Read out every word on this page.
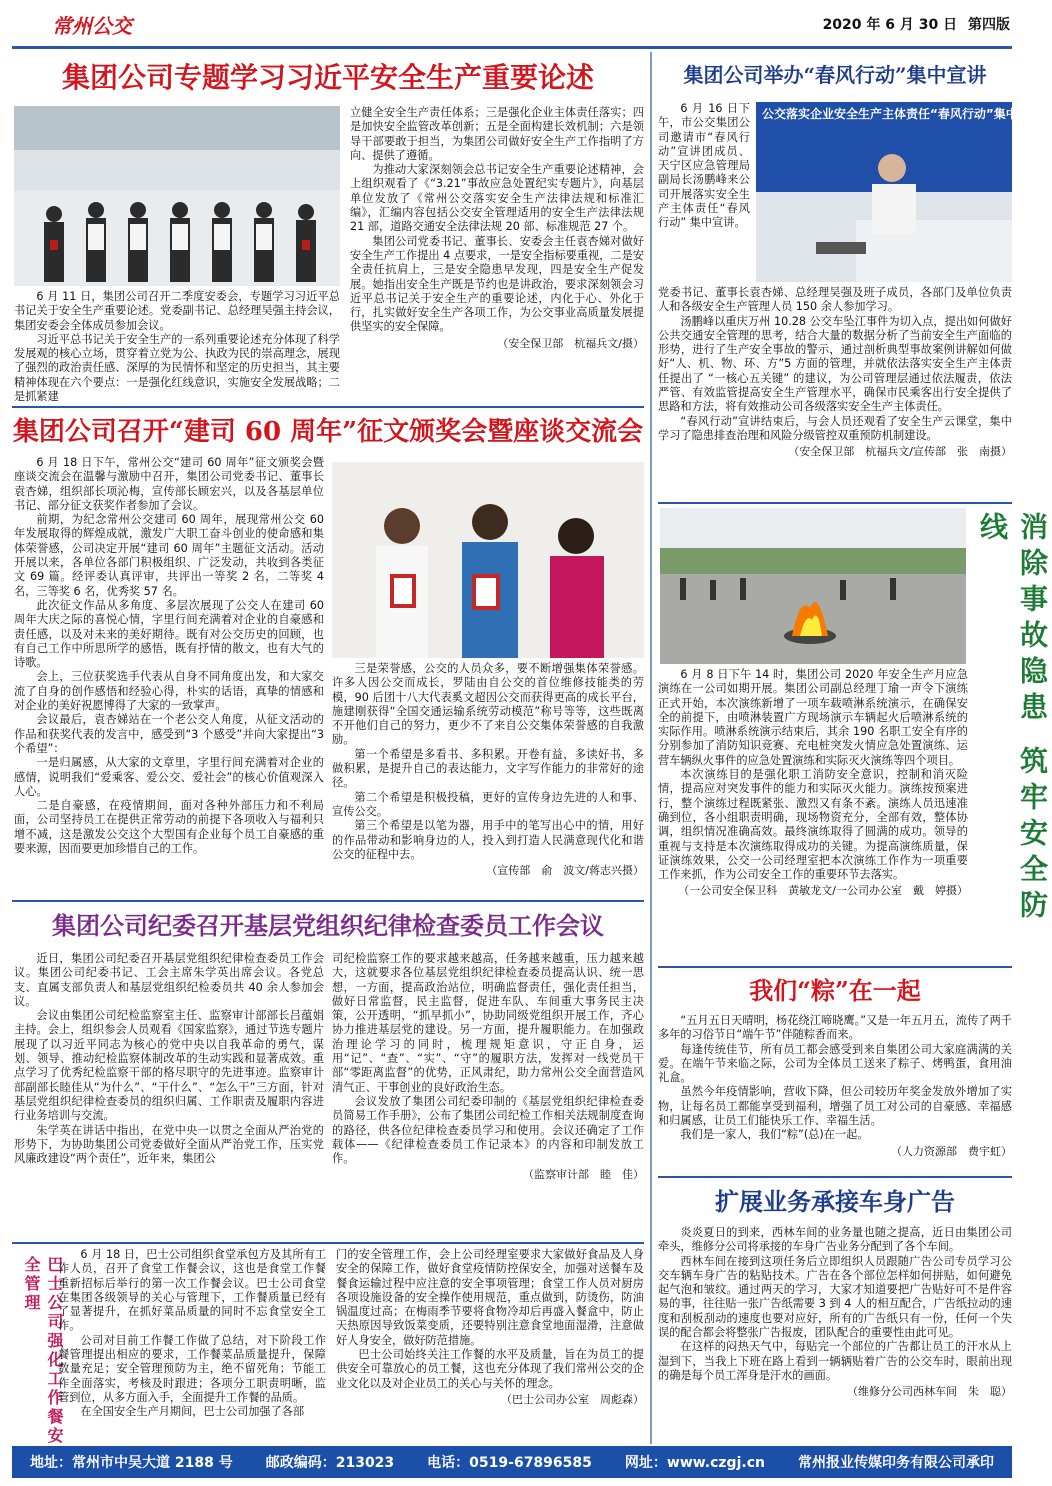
常州公交	2020 年 6 月 30 日 第四版
集团公司专题学习习近平安全生产重要论述

6 月 11 日，集团公司召开二季度安委会，专题学习习近平总书记关于安全生产重要论述。党委副书记、总经理吴强主持会议，集团安委会全体成员参加会议。

习近平总书记关于安全生产的一系列重要论述充分体现了科学发展观的核心立场，贯穿着立党为公、执政为民的崇高理念，展现了强烈的政治责任感、深厚的为民情怀和坚定的历史担当，其主要精神体现在六个要点：一是强化红线意识，实施安全发展战略；二是抓紧建

立健全安全生产责任体系；三是强化企业主体责任落实；四是加快安全监管改革创新；五是全面构建长效机制；六是领导干部要敢于担当，为集团公司做好安全生产工作指明了方向、提供了遵循。

为推动大家深刻领会总书记安全生产重要论述精神，会上组织观看了《“3.21”事故应急处置纪实专题片》，向基层单位发放了《常州公交落实安全生产法律法规和标准汇编》，汇编内容包括公交安全管理适用的安全生产法律法规 21 部，道路交通安全法律法规 20 部、标准规范 27 个。

集团公司党委书记、董事长、安委会主任袁杏娣对做好安全生产工作提出 4 点要求，一是安全指标要重视，二是安全责任抗肩上，三是安全隐患早发现，四是安全生产促发展。她指出安全生产既是节约也是讲政治，要求深刻领会习近平总书记关于安全生产的重要论述，内化于心、外化于行，扎实做好安全生产各项工作，为公交事业高质量发展提供坚实的安全保障。

（安全保卫部　杭福兵文/摄）
集团公司召开“建司 60 周年”征文颁奖会暨座谈交流会

6 月 18 日下午，常州公交“建司 60 周年”征文颁奖会暨座谈交流会在温馨与激励中召开，集团公司党委书记、董事长袁杏娣，组织部长项沁梅，宣传部长顾宏兴，以及各基层单位书记、部分征文获奖作者参加了会议。

前期，为纪念常州公交建司 60 周年，展现常州公交 60 年发展取得的辉煌成就，激发广大职工奋斗创业的使命感和集体荣誉感，公司决定开展“建司 60 周年”主题征文活动。活动开展以来，各单位各部门积极组织、广泛发动，共收到各类征文 69 篇。经评委认真评审，共评出一等奖 2 名，二等奖 4 名，三等奖 6 名，优秀奖 57 名。

此次征文作品从多角度、多层次展现了公交人在建司 60 周年大庆之际的喜悦心情，字里行间充满着对企业的自豪感和责任感，以及对未来的美好期待。既有对公交历史的回顾，也有自己工作中所思所学的感悟，既有抒情的散文，也有大气的诗歌。

会上，三位获奖选手代表从自身不同角度出发，和大家交流了自身的创作感悟和经验心得，朴实的话语，真挚的情感和对企业的美好祝愿博得了大家的一致掌声。

会议最后，袁杏娣站在一个老公交人角度，从征文活动的作品和获奖代表的发言中，感受到“3 个感受”并向大家提出“3 个希望”：

一是归属感，从大家的文章里，字里行间充满着对企业的感情，说明我们“爱乘客、爱公交、爱社会”的核心价值观深入人心。

二是自豪感，在疫情期间，面对各种外部压力和不利局面，公司坚持员工在提供正常劳动的前提下各项收入与福利只增不减，这是激发公交这个大型国有企业每个员工自豪感的重要来源，因而要更加珍惜自己的工作。

三是荣誉感，公交的人员众多，要不断增强集体荣誉感。许多人因公交而成长，罗陆由自公交的首位维修技能类的劳模，90 后团十八大代表奚文超因公交而获得更高的成长平台，施建刚获得“全国交通运输系统劳动模范”称号等等，这些既离不开他们自己的努力，更少不了来自公交集体荣誉感的自我激励。

第一个希望是多看书、多积累。开卷有益，多读好书，多做积累，是提升自己的表达能力，文字写作能力的非常好的途径。

第二个希望是积极投稿，更好的宣传身边先进的人和事、宣传公交。

第三个希望是以笔为器，用手中的笔写出心中的情，用好的作品带动和影响身边的人，投入到打造人民满意现代化和谐公交的征程中去。

（宣传部　俞　波文/蒋志兴摄）
集团公司纪委召开基层党组织纪律检查委员工作会议

近日，集团公司纪委召开基层党组织纪律检查委员工作会议。集团公司纪委书记、工会主席朱学英出席会议。各党总支、直属支部负责人和基层党组织纪检委员共 40 余人参加会议。

会议由集团公司纪检监察室主任、监察审计部部长吕蕴娟主持。会上，组织参会人员观看《国家监察》，通过节选专题片展现了以习近平同志为核心的党中央以自我革命的勇气，谋划、领导、推动纪检监察体制改革的生动实践和显著成效。重点学习了优秀纪检监察干部的格尽职守的先进事迹。监察审计部副部长睦佳从“为什么”、“干什么”、“怎么干”三方面，针对基层党组织纪律检查委员的组织归属、工作职责及履职内容进行业务培训与交流。

朱学英在讲话中指出，在党中央一以贯之全面从严治党的形势下，为协助集团公司党委做好全面从严治党工作，压实党风廉政建设“两个责任”，近年来，集团公

司纪检监察工作的要求越来越高，任务越来越重，压力越来越大，这就要求各位基层党组织纪律检查委员提高认识、统一思想，一方面，提高政治站位，明确监督责任，强化责任担当，做好日常监督，民主监督，促进车队、车间重大事务民主决策，公开透明，“抓早抓小”，协助同级党组织开展工作，齐心协力推进基层党的建设。另一方面，提升履职能力。在加强政治理论学习的同时，梳理规矩意识，守正自身，运用“记”、“查”、“实”、“守”的履职方法，发挥对一线党员干部“零距离监督”的优势，正风肃纪，助力常州公交全面营造风清气正、干事创业的良好政治生态。

会议发放了集团公司纪委印制的《基层党组织纪律检查委员简易工作手册》，公布了集团公司纪检工作相关法规制度查询的路径，供各位纪律检查委员学习和使用。会议还确定了工作载体——《纪律检查委员工作记录本》的内容和印制发放工作。

（监察审计部　睦　佳）
巴士公司强化工作餐安全管理

6 月 18 日，巴士公司组织食堂承包方及其所有工作人员，召开了食堂工作餐会议，这也是食堂工作餐重新招标后举行的第一次工作餐会议。巴士公司食堂在集团各级领导的关心与管理下，工作餐质量已经有了显著提升，在抓好菜品质量的同时不忘食堂安全工作。

公司对目前工作餐工作做了总结，对下阶段工作餐管理提出相应的要求，工作餐菜品质量提升，保障数量充足；安全管理预防为主，绝不留死角；节能工作全面落实，考核及时跟进；各项分工职责明晰，监管到位，从多方面入手，全面提升工作餐的品质。

在全国安全生产月期间，巴士公司加强了各部

门的安全管理工作，会上公司经理室要求大家做好食品及人身安全的保障工作，做好食堂疫情防控保安全，加强对送餐车及餐食运输过程中应注意的安全事项管理；食堂工作人员对厨房各项设施设备的安全操作使用规范，重点做到，防烫伤，防油锅温度过高；在梅雨季节要将食物冷却后再盛入餐盒中，防止天热原因导致饭菜变质，还要特别注意食堂地面湿滑，注意做好人身安全，做好防范措施。

巴士公司始终关注工作餐的水平及质量，旨在为员工的提供安全可靠放心的员工餐，这也充分体现了我们常州公交的企业文化以及对企业员工的关心与关怀的理念。

（巴士公司办公室　周彪森）
集团公司举办“春风行动”集中宣讲
6 月 16 日下午，市公交集团公司邀请市“春风行动”宣讲团成员、天宁区应急管理局副局长汤鹏峰来公司开展落实安全生产主体责任“春风行动” 集中宣讲。
公交落实企业安全生产主体责任“春风行动”集中宣讲

党委书记、董事长袁杏娣、总经理吴强及班子成员，各部门及单位负责人和各级安全生产管理人员 150 余人参加学习。

汤鹏峰以重庆万州 10.28 公交车坠江事件为切入点，提出如何做好公共交通安全管理的思考，结合大量的数据分析了当前安全生产面临的形势，进行了生产安全事故的警示，通过剖析典型事故案例讲解如何做好“人、机、物、环、方”5 方面的管理，并就依法落实安全生产主体责任提出了 “一核心五关键” 的建议，为公司管理层通过依法履责，依法严管、有效监管提高安全生产管理水平，确保市民乘客出行安全提供了思路和方法，将有效推动公司各级落实安全生产主体责任。

“春风行动”宣讲结束后，与会人员还观看了安全生产云课堂，集中学习了隐患排查治理和风险分级管控双重预防机制建设。

（安全保卫部　杭福兵文/宣传部　张　南摄）
消除事故隐患 筑牢安全防线

6 月 8 日下午 14 时，集团公司 2020 年安全生产月应急演练在一公司如期开展。集团公司副总经理丁瑜一声令下演练正式开始，本次演练新增了一项车载喷淋系统演示，在确保安全的前提下，由喷淋装置广方现场演示车辆起火后喷淋系统的实际作用。喷淋系统演示结束后，其余 190 名职工安全有序的分别参加了消防知识竞赛、充电桩突发火情应急处置演练、运营车辆纵火事件的应急处置演练和实际灭火演练等四个项目。

本次演练目的是强化职工消防安全意识，控制和消灭险情，提高应对突发事件的能力和实际灭火能力。演练按预案进行，整个演练过程既紧张、激烈又有条不紊。演练人员迅速准确到位，各小组职责明确，现场物资充分，全部有效，整体协调，组织情况准确高效。最终演练取得了圆满的成功。领导的重视与支持是本次演练取得成功的关键。为提高演练质量，保证演练效果，公交一公司经理室把本次演练工作作为一项重要工作来抓，作为公司安全工作的重要环节去落实。

（一公司安全保卫科　黄敏龙文/一公司办公室　戴　婷摄）
我们“粽”在一起

“五月五日天晴明，杨花绕江啼晓鹰。”又是一年五月五，流传了两千多年的习俗节日“端午节”伴随粽香而来。

每逢传统佳节，所有员工都会感受到来自集团公司大家庭满满的关爱。在端午节来临之际，公司为全体员工送来了粽子、烤鸭蛋，食用油礼盒。

虽然今年疫情影响，营收下降，但公司较历年奖金发放外增加了实物，让每名员工都能享受到福利，增强了员工对公司的自豪感、幸福感和归属感，让员工们能快乐工作、幸福生活。

我们是一家人，我们“粽”(总)在一起。

（人力资源部　费宇虹）
扩展业务承接车身广告

炎炎夏日的到来，西林车间的业务量也随之提高，近日由集团公司牵头，维修分公司将承接的车身广告业务分配到了各个车间。

西林车间在接到这项任务后立即组织人员跟随广告公司专员学习公交车辆车身广告的粘贴技术。广告在各个部位怎样如何拼贴，如何避免起气泡和皱纹。通过两天的学习，大家才知道要把广告贴好可不是件容易的事，往往贴一张广告纸需要 3 到 4 人的相互配合，广告纸拉动的速度和刮板刮动的速度也要对应好，所有的广告纸只有一份，任何一个失误的配合都会将整张广告报废，团队配合的重要性由此可见。

在这样的闷热天气中，每贴完一个部位的广告都让员工的汗水从上湿到下，当我上下班在路上看到一辆辆贴着广告的公交车时，眼前出现的确是每个员工浑身是汗水的画面。

（维修分公司西林车间　朱　聪）
地址：常州市中吴大道 2188 号 邮政编码：213023 电话：0519-67896585 网址：www.czgj.cn 常州报业传媒印务有限公司承印
